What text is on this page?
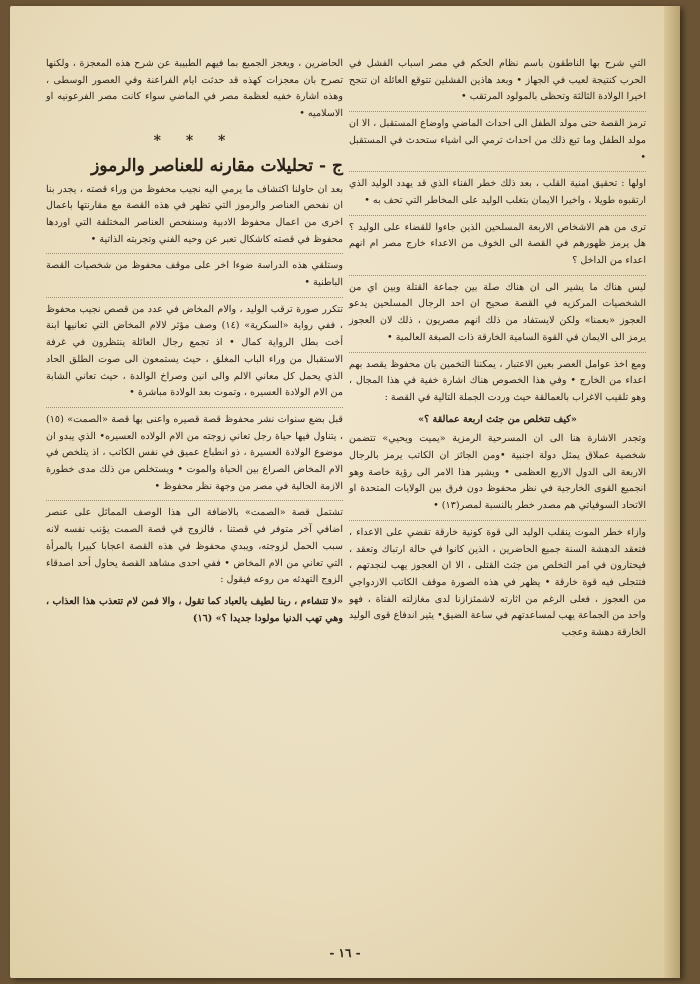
التي شرح بها الناطقون باسم نظام الحكم في مصر اسباب الفشل في الحرب كنتيجة لعيب في الجهاز • وبعد هاذين الفشلين تتوقع العائلة ان تنجح اخيرا الولادة الثالثة وتحظى بالمولود المرتقب •

ترمز القصة حتى مولد الطفل الى احداث الماضي واوضاع المستقبل ، الا ان مولد الطفل وما تبع ذلك من احداث ترمي الى اشياء ستحدث في المستقبل •

اولها : تحقيق امنية القلب ، بعد ذلك خطر الفناء الذي قد يهدد الوليد الذي ارتقبوه طويلا ، واخيرا الايمان بتغلب الوليد على المخاطر التي تحف به •

ترى من هم الاشخاص الاربعة المسلحين الذين جاءوا للقضاء على الوليد ؟ هل يرمز ظهورهم في القصة الى الخوف من الاعداء خارج مصر ام انهم اعداء من الداخل ؟

ليس هناك ما يشير الى ان هناك صلة بين جماعة القتلة وبين اي من الشخصيات المركزيه في القصة صحيح ان احد الرجال المسلحين يدعو العجوز «بعمنا» ولكن لايستفاد من ذلك انهم مصريون ، ذلك لان العجوز يرمز الى الايمان في القوة السامية الخارقة ذات الصبغة العالمية •

ومع اخذ عوامل العصر بعين الاعتبار ، يمكننا التخمين بان محفوظ يقصد بهم اعداء من الخارج • وفي هذا الخصوص هناك اشارة خفية في هذا المجال ، وهو تلقيب الاغراب بالعمالقة حيث وردت الجملة التالية في القصة :

«كيف تتخلص من جثث اربعة عمالقة ؟»

وتجدر الاشارة هنا الى ان المسرحية الرمزية «يميت ويحيي» تتضمن شخصية عملاق يمثل دولة اجنبية •ومن الجائز ان الكاتب يرمز بالرجال الاربعة الى الدول الاربع العظمى • ويشير هذا الامر الى رؤية خاصة وهو انجميع القوى الخارجية في نظر محفوظ دون فرق بين الولايات المتحدة او الاتحاد السوفياتي هم مصدر خطر بالنسبة لمصر(١٣) •

وازاء خطر الموت ينقلب الوليد الى قوة كونية خارقة تقضي على الاعداء ، فتعقد الدهشة السنة جميع الحاضرين ، الذين كانوا في حالة ارتباك وتعقد ، فيحتارون في امر التخلص من جثث القتلى ، الا ان العجوز يهب لنجدتهم ، فتتجلى فيه قوة خارقة • يظهر في هذه الصورة موقف الكاتب الازدواجي من العجوز ، فعلى الرغم من اثارته لاشمئزازنا لدى مغازلته الفتاة ، فهو واحد من الجماعة يهب لمساعدتهم في ساعة الضيق• يثير اندفاع قوى الوليد الخارقة دهشة وعجب

الحاضرين ، ويعجز الجميع بما فيهم الطبيبة عن شرح هذه المعجزة ، ولكنها تصرح بان معجزات كهذه قد حدثت ايام الفراعنة وفي العصور الوسطى ، وهذه اشارة خفيه لعظمة مصر في الماضي سواء كانت مصر الفرعونيه او الاسلاميه •

* * *

ج - تحليلات مقارنه للعناصر والرموز

بعد ان حاولنا اكتشاف ما يرمي اليه نجيب محفوظ من وراء قصته ، يجدر بنا ان نفحص العناصر والرموز التي تظهر في هذه القصة مع مقارنتها باعمال اخرى من اعمال محفوظ الادبية وسنفحص العناصر المختلفة التي اوردها محفوظ في قصته كاشكال تعبر عن وحيه الفني وتجربته الذاتية •

وستلقي هذه الدراسة ضوءا اخر على موقف محفوظ من شخصيات القصة الباطنية •

تتكرر صورة ترقب الوليد ، والام المخاض في عدد من قصص نجيب محفوظ ، ففي رواية «السكرية» (١٤) وصف مؤثر لالام المخاض التي تعانيها ابنة أخت بطل الرواية كمال • اذ تجمع رجال العائلة ينتظرون في غرفة الاستقبال من وراء الباب المغلق ، حيث يستمعون الى صوت الطلق الحاد الذي يحمل كل معاني الالم والى انين وصراخ الوالدة ، حيث تعاني الشابة من الام الولادة العسيره ، وتموت بعد الولادة مباشرة •

قبل بضع سنوات نشر محفوظ قصة قصيره واعنى بها قصة «الصمت» (١٥) ، يتناول فيها حياة رجل تعاني زوجته من الام الولاده العسيره• الذي يبدو ان موضوع الولادة العسيرة ، ذو انطباع عميق في نفس الكاتب ، اذ يتلخص في الام المخاض الصراع بين الحياة والموت • ويستخلص من ذلك مدى خطورة الازمة الحالية في مصر من وجهة نظر محفوظ •

تشتمل قصة «الصمت» بالاضافة الى هذا الوصف المماثل على عنصر اضافي آخر متوفر في قصتنا ، فالزوج في قصة الصمت يؤنب نفسه لانه سبب الحمل لزوجته، ويبدي محفوظ في هذه القصة اعجابا كبيرا بالمرأة التي تعاني من الام المخاض • ففي احدى مشاهد القصة يحاول أحد اصدقاء الزوج التهدئه من روعه فيقول :

«لا تتشاءم ، ربنا لطيف بالعباد كما تقول ، والا فمن لام تتعذب هذا العذاب ، وهي تهب الدنيا مولودا جديدا ؟» (١٦)

- ١٦ -
